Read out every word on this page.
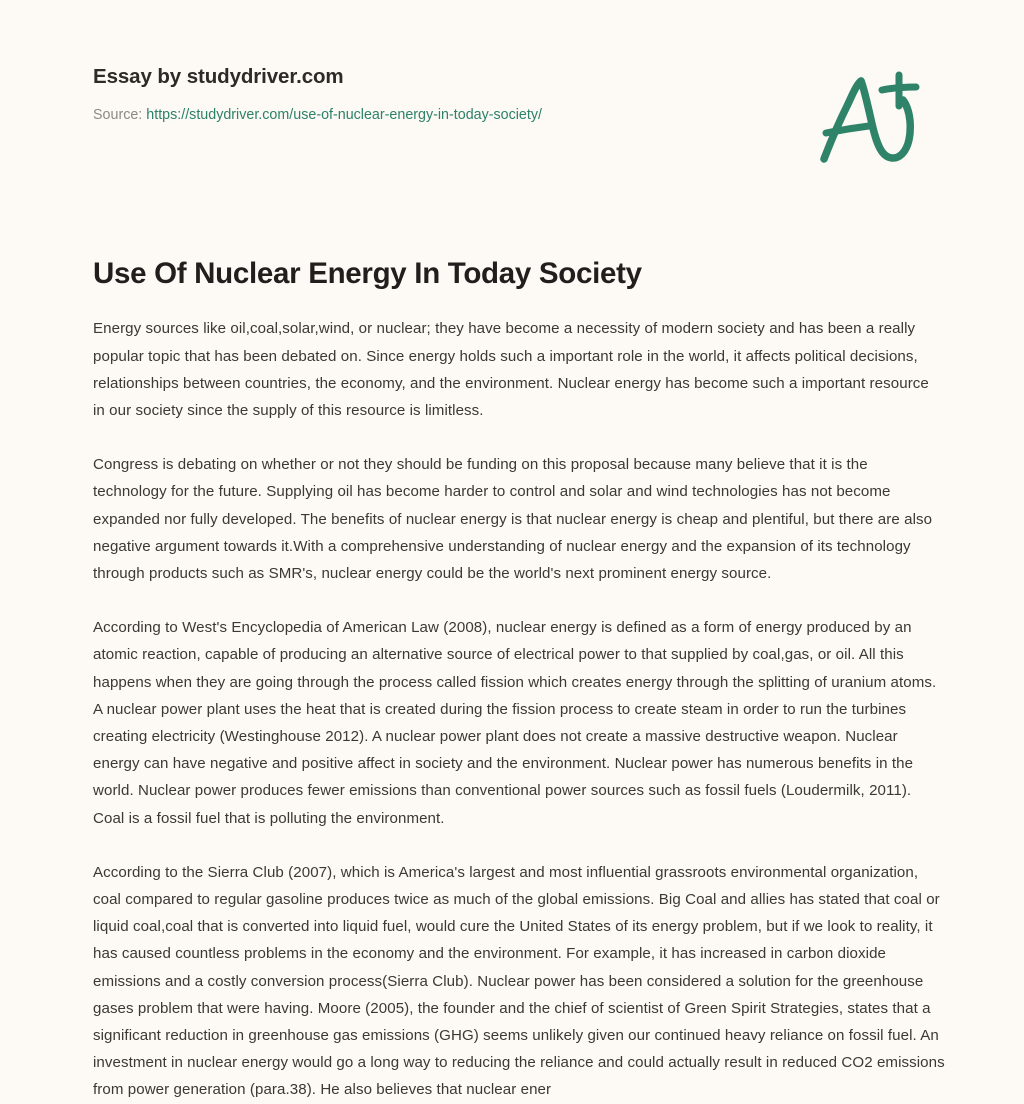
Essay by studydriver.com
Source: https://studydriver.com/use-of-nuclear-energy-in-today-society/
Use Of Nuclear Energy In Today Society

Energy sources like oil,coal,solar,wind, or nuclear; they have become a necessity of modern society and has been a really popular topic that has been debated on. Since energy holds such a important role in the world, it affects political decisions, relationships between countries, the economy, and the environment. Nuclear energy has become such a important resource in our society since the supply of this resource is limitless.

Congress is debating on whether or not they should be funding on this proposal because many believe that it is the technology for the future. Supplying oil has become harder to control and solar and wind technologies has not become expanded nor fully developed. The benefits of nuclear energy is that nuclear energy is cheap and plentiful, but there are also negative argument towards it.With a comprehensive understanding of nuclear energy and the expansion of its technology through products such as SMR's, nuclear energy could be the world's next prominent energy source.

According to West's Encyclopedia of American Law (2008), nuclear energy is defined as a form of energy produced by an atomic reaction, capable of producing an alternative source of electrical power to that supplied by coal,gas, or oil. All this happens when they are going through the process called fission which creates energy through the splitting of uranium atoms. A nuclear power plant uses the heat that is created during the fission process to create steam in order to run the turbines creating electricity (Westinghouse 2012). A nuclear power plant does not create a massive destructive weapon. Nuclear energy can have negative and positive affect in society and the environment. Nuclear power has numerous benefits in the world. Nuclear power produces fewer emissions than conventional power sources such as fossil fuels (Loudermilk, 2011). Coal is a fossil fuel that is polluting the environment.

According to the Sierra Club (2007), which is America's largest and most influential grassroots environmental organization, coal compared to regular gasoline produces twice as much of the global emissions. Big Coal and allies has stated that coal or liquid coal,coal that is converted into liquid fuel, would cure the United States of its energy problem, but if we look to reality, it has caused countless problems in the economy and the environment. For example, it has increased in carbon dioxide emissions and a costly conversion process(Sierra Club). Nuclear power has been considered a solution for the greenhouse gases problem that were having. Moore (2005), the founder and the chief of scientist of Green Spirit Strategies, states that a significant reduction in greenhouse gas emissions (GHG) seems unlikely given our continued heavy reliance on fossil fuel. An investment in nuclear energy would go a long way to reducing the reliance and could actually result in reduced CO2 emissions from power generation (para.38). He also believes that nuclear ener
